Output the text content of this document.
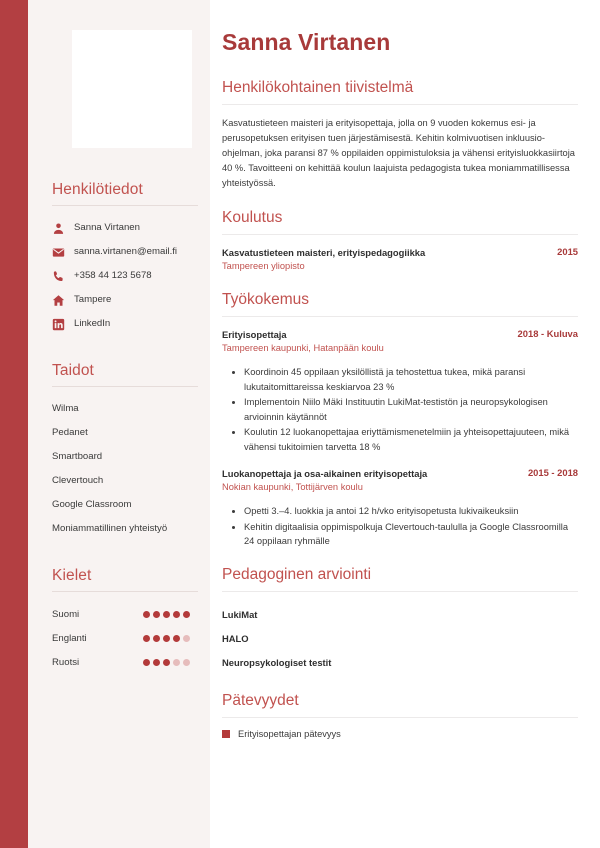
Henkilötiedot
Sanna Virtanen
sanna.virtanen@email.fi
+358 44 123 5678
Tampere
LinkedIn
Taidot
Wilma
Pedanet
Smartboard
Clevertouch
Google Classroom
Moniammatillinen yhteistyö
Kielet
Suomi
Englanti
Ruotsi
Sanna Virtanen
Henkilökohtainen tiivistelmä

Kasvatustieteen maisteri ja erityisopettaja, jolla on 9 vuoden kokemus esi- ja perusopetuksen erityisen tuen järjestämisestä. Kehitin kolmivuotisen inkluusio-ohjelman, joka paransi 87 % oppilaiden oppimistuloksia ja vähensi erityisluokkasiirtoja 40 %. Tavoitteeni on kehittää koulun laajuista pedagogista tukea moniammatillisessa yhteistyössä.

Koulutus
Kasvatustieteen maisteri, erityispedagogiikka	2015
Tampereen yliopisto
Työkokemus
Erityisopettaja	2018 - Kuluva
Tampereen kaupunki, Hatanpään koulu
• Koordinoin 45 oppilaan yksilöllistä ja tehostettua tukea, mikä paransi lukutaitomittareissa keskiarvoa 23 %
• Implementoin Niilo Mäki Instituutin LukiMat-testistön ja neuropsykologisen arvioinnin käytännöt
• Koulutin 12 luokanopettajaa eriyttämismenetelmiin ja yhteisopettajuuteen, mikä vähensi tukitoimien tarvetta 18 %
Luokanopettaja ja osa-aikainen erityisopettaja	2015 - 2018
Nokian kaupunki, Tottijärven koulu
• Opetti 3.–4. luokkia ja antoi 12 h/vko erityisopetusta lukivaikeuksiin
• Kehitin digitaalisia oppimispolkuja Clevertouch-taululla ja Google Classroomilla 24 oppilaan ryhmälle
Pedagoginen arviointi
LukiMat
HALO
Neuropsykologiset testit
Pätevyydet
Erityisopettajan pätevyys
